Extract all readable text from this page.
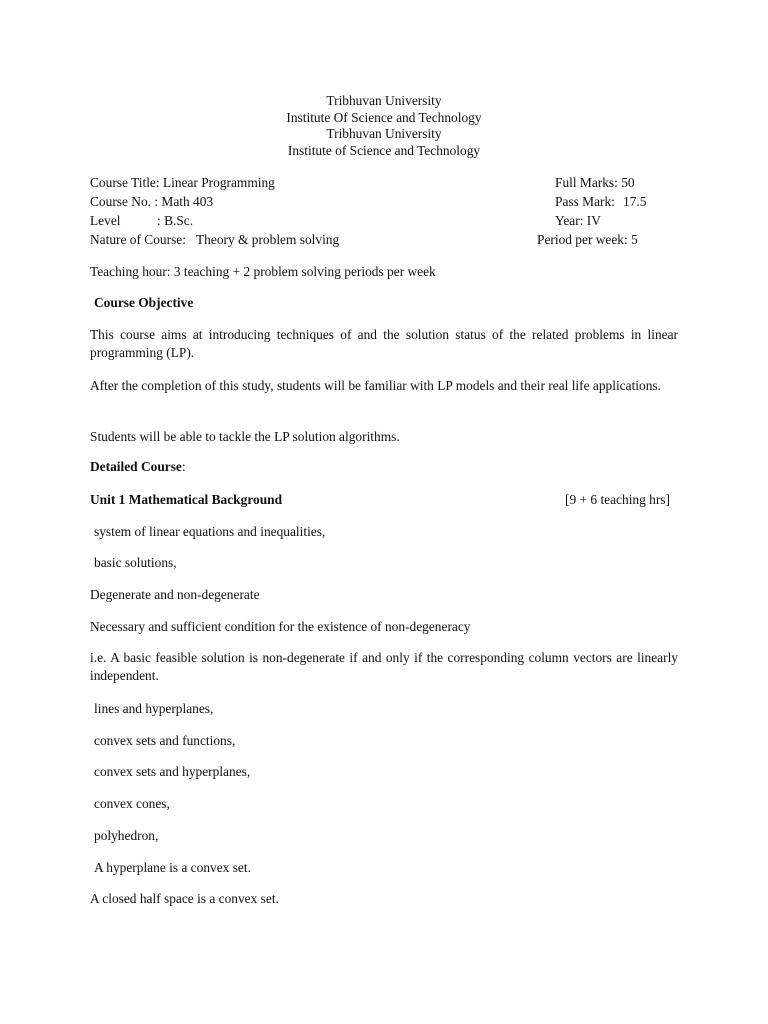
Tribhuvan University
Institute Of Science and Technology
Tribhuvan University
Institute of Science and Technology
Course Title: Linear Programming
Course No. : Math 403
Level	: B.Sc.
Nature of Course: Theory & problem solving
Full Marks: 50
Pass Mark: 17.5
Year: IV
Period per week: 5
Teaching hour: 3 teaching + 2 problem solving periods per week
Course Objective
This course aims at introducing techniques of and the solution status of the related problems in linear programming (LP).
After the completion of this study, students will be familiar with LP models and their real life applications.
Students will be able to tackle the LP solution algorithms.
Detailed Course:
Unit 1 Mathematical Background	[9 + 6 teaching hrs]
system of linear equations and inequalities,
basic solutions,
Degenerate and non-degenerate
Necessary and sufficient condition for the existence of non-degeneracy
i.e. A basic feasible solution is non-degenerate if and only if the corresponding column vectors are linearly independent.
lines and hyperplanes,
convex sets and functions,
convex sets and hyperplanes,
convex cones,
polyhedron,
A hyperplane is a convex set.
A closed half space is a convex set.
